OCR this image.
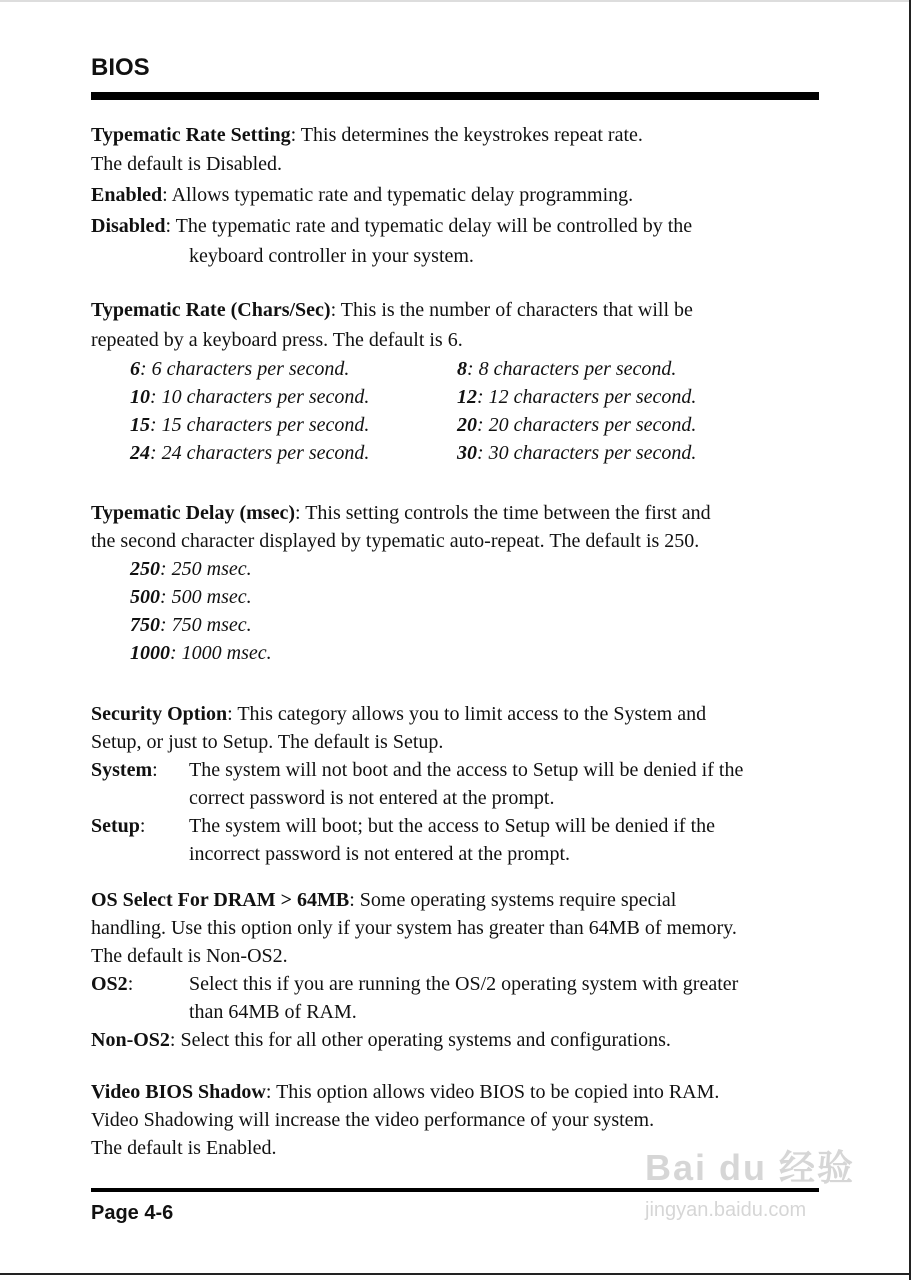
BIOS
Typematic Rate Setting: This determines the keystrokes repeat rate.
The default is Disabled.
Enabled: Allows typematic rate and typematic delay programming.
Disabled: The typematic rate and typematic delay will be controlled by the
keyboard controller in your system.
Typematic Rate (Chars/Sec): This is the number of characters that will be
repeated by a keyboard press. The default is 6.
6: 6 characters per second.	8: 8 characters per second.
10: 10 characters per second.	12: 12 characters per second.
15: 15 characters per second.	20: 20 characters per second.
24: 24 characters per second.	30: 30 characters per second.
Typematic Delay (msec): This setting controls the time between the first and
the second character displayed by typematic auto-repeat. The default is 250.
250: 250 msec.
500: 500 msec.
750: 750 msec.
1000: 1000 msec.
Security Option: This category allows you to limit access to the System and
Setup, or just to Setup. The default is Setup.
System: The system will not boot and the access to Setup will be denied if the
correct password is not entered at the prompt.
Setup: The system will boot; but the access to Setup will be denied if the
incorrect password is not entered at the prompt.
OS Select For DRAM > 64MB: Some operating systems require special
handling. Use this option only if your system has greater than 64MB of memory.
The default is Non-OS2.
OS2:	Select this if you are running the OS/2 operating system with greater
than 64MB of RAM.
Non-OS2: Select this for all other operating systems and configurations.
Video BIOS Shadow: This option allows video BIOS to be copied into RAM.
Video Shadowing will increase the video performance of your system.
The default is Enabled.
Page 4-6
Bai du 经验
jingyan.baidu.com
